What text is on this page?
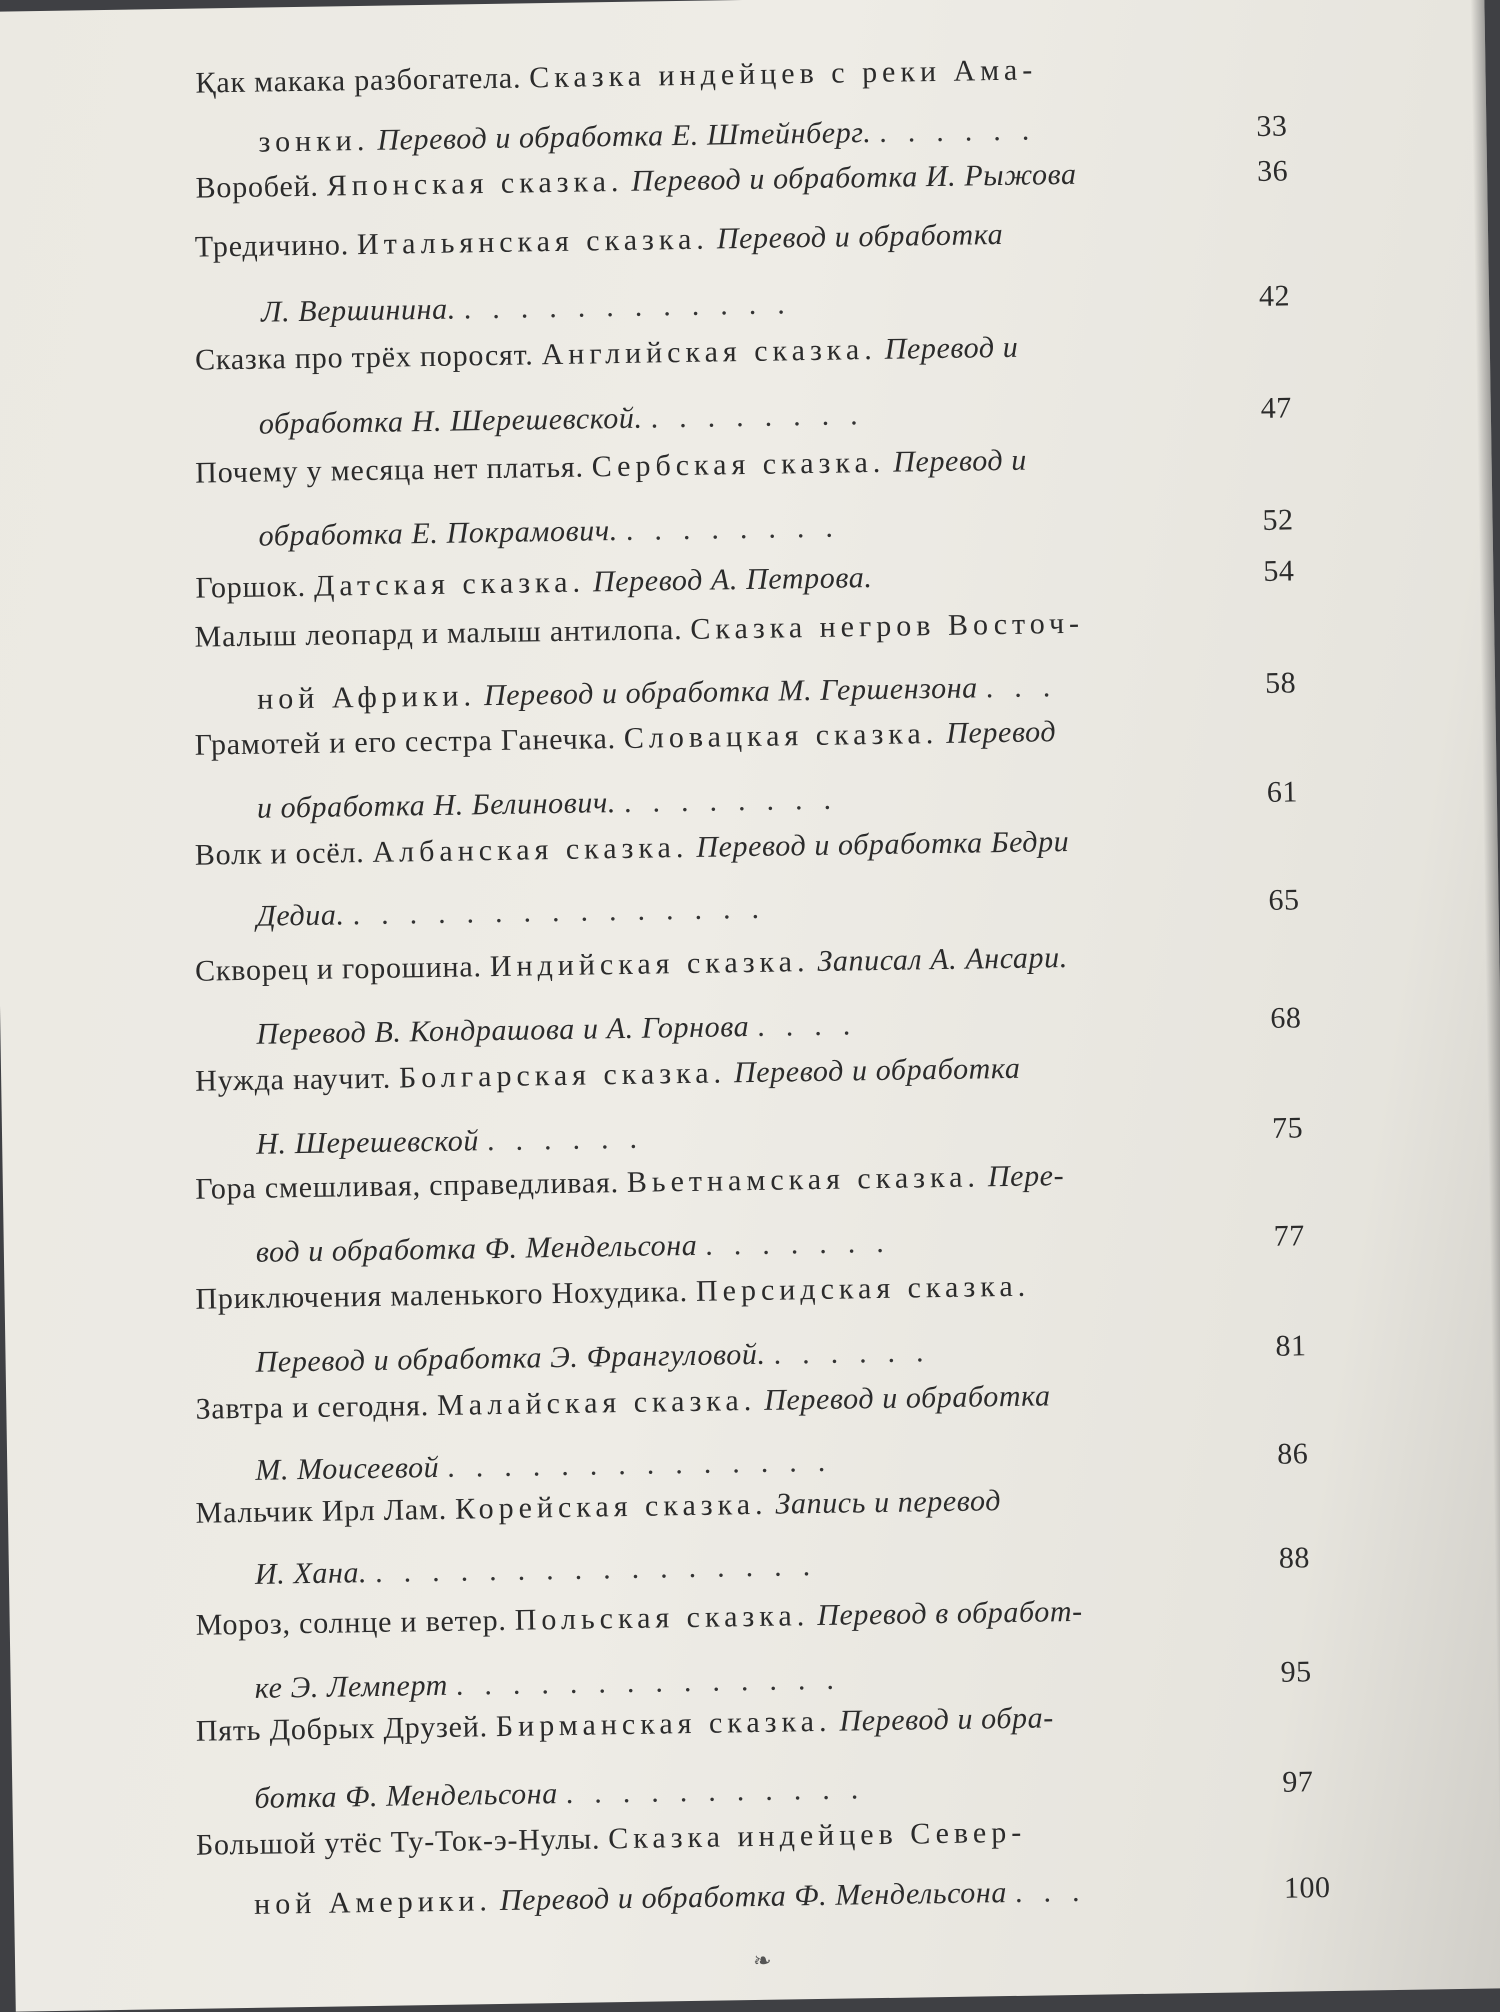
Қак макака разбогатела. Сказка индейцев с реки Ама-
зонки. Перевод и обработка Е. Штейнберг. ......	33
Воробей. Японская сказка. Перевод и обработка И. Рыжова	36
Тредичино. Итальянская сказка. Перевод и обработка
Л. Вершинина. ............	42
Сказка про трёх поросят. Английская сказка. Перевод и
обработка Н. Шерешевской. ........	47
Почему у месяца нет платья. Сербская сказка. Перевод и
обработка Е. Покрамович. ........	52
Горшок. Датская сказка. Перевод А. Петрова.	54
Малыш леопард и малыш антилопа. Сказка негров Восточ-
ной Африки. Перевод и обработка М. Гершензона ...	58
Грамотей и его сестра Ганечка. Словацкая сказка. Перевод
и обработка Н. Белинович. ........	61
Волк и осёл. Албанская сказка. Перевод и обработка Бедри
Дедиа. ...............	65
Скворец и горошина. Индийская сказка. Записал А. Ансари.
Перевод В. Кондрашова и А. Горнова ....	68
Нужда научит. Болгарская сказка. Перевод и обработка
Н. Шерешевской ......	75
Гора смешливая, справедливая. Вьетнамская сказка. Пере-
вод и обработка Ф. Мендельсона .......	77
Приключения маленького Нохудика. Персидская сказка.
Перевод и обработка Э. Франгуловой. ......	81
Завтра и сегодня. Малайская сказка. Перевод и обработка
М. Моисеевой ..............	86
Мальчик Ирл Лам. Корейская сказка. Запись и перевод
И. Хана. ................	88
Мороз, солнце и ветер. Польская сказка. Перевод в обработ-
ке Э. Лемперт ..............	95
Пять Добрых Друзей. Бирманская сказка. Перевод и обра-
ботка Ф. Мендельсона ...........	97
Большой утёс Ту-Ток-э-Нулы. Сказка индейцев Север-
ной Америки. Перевод и обработка Ф. Мендельсона ...	100
❧
